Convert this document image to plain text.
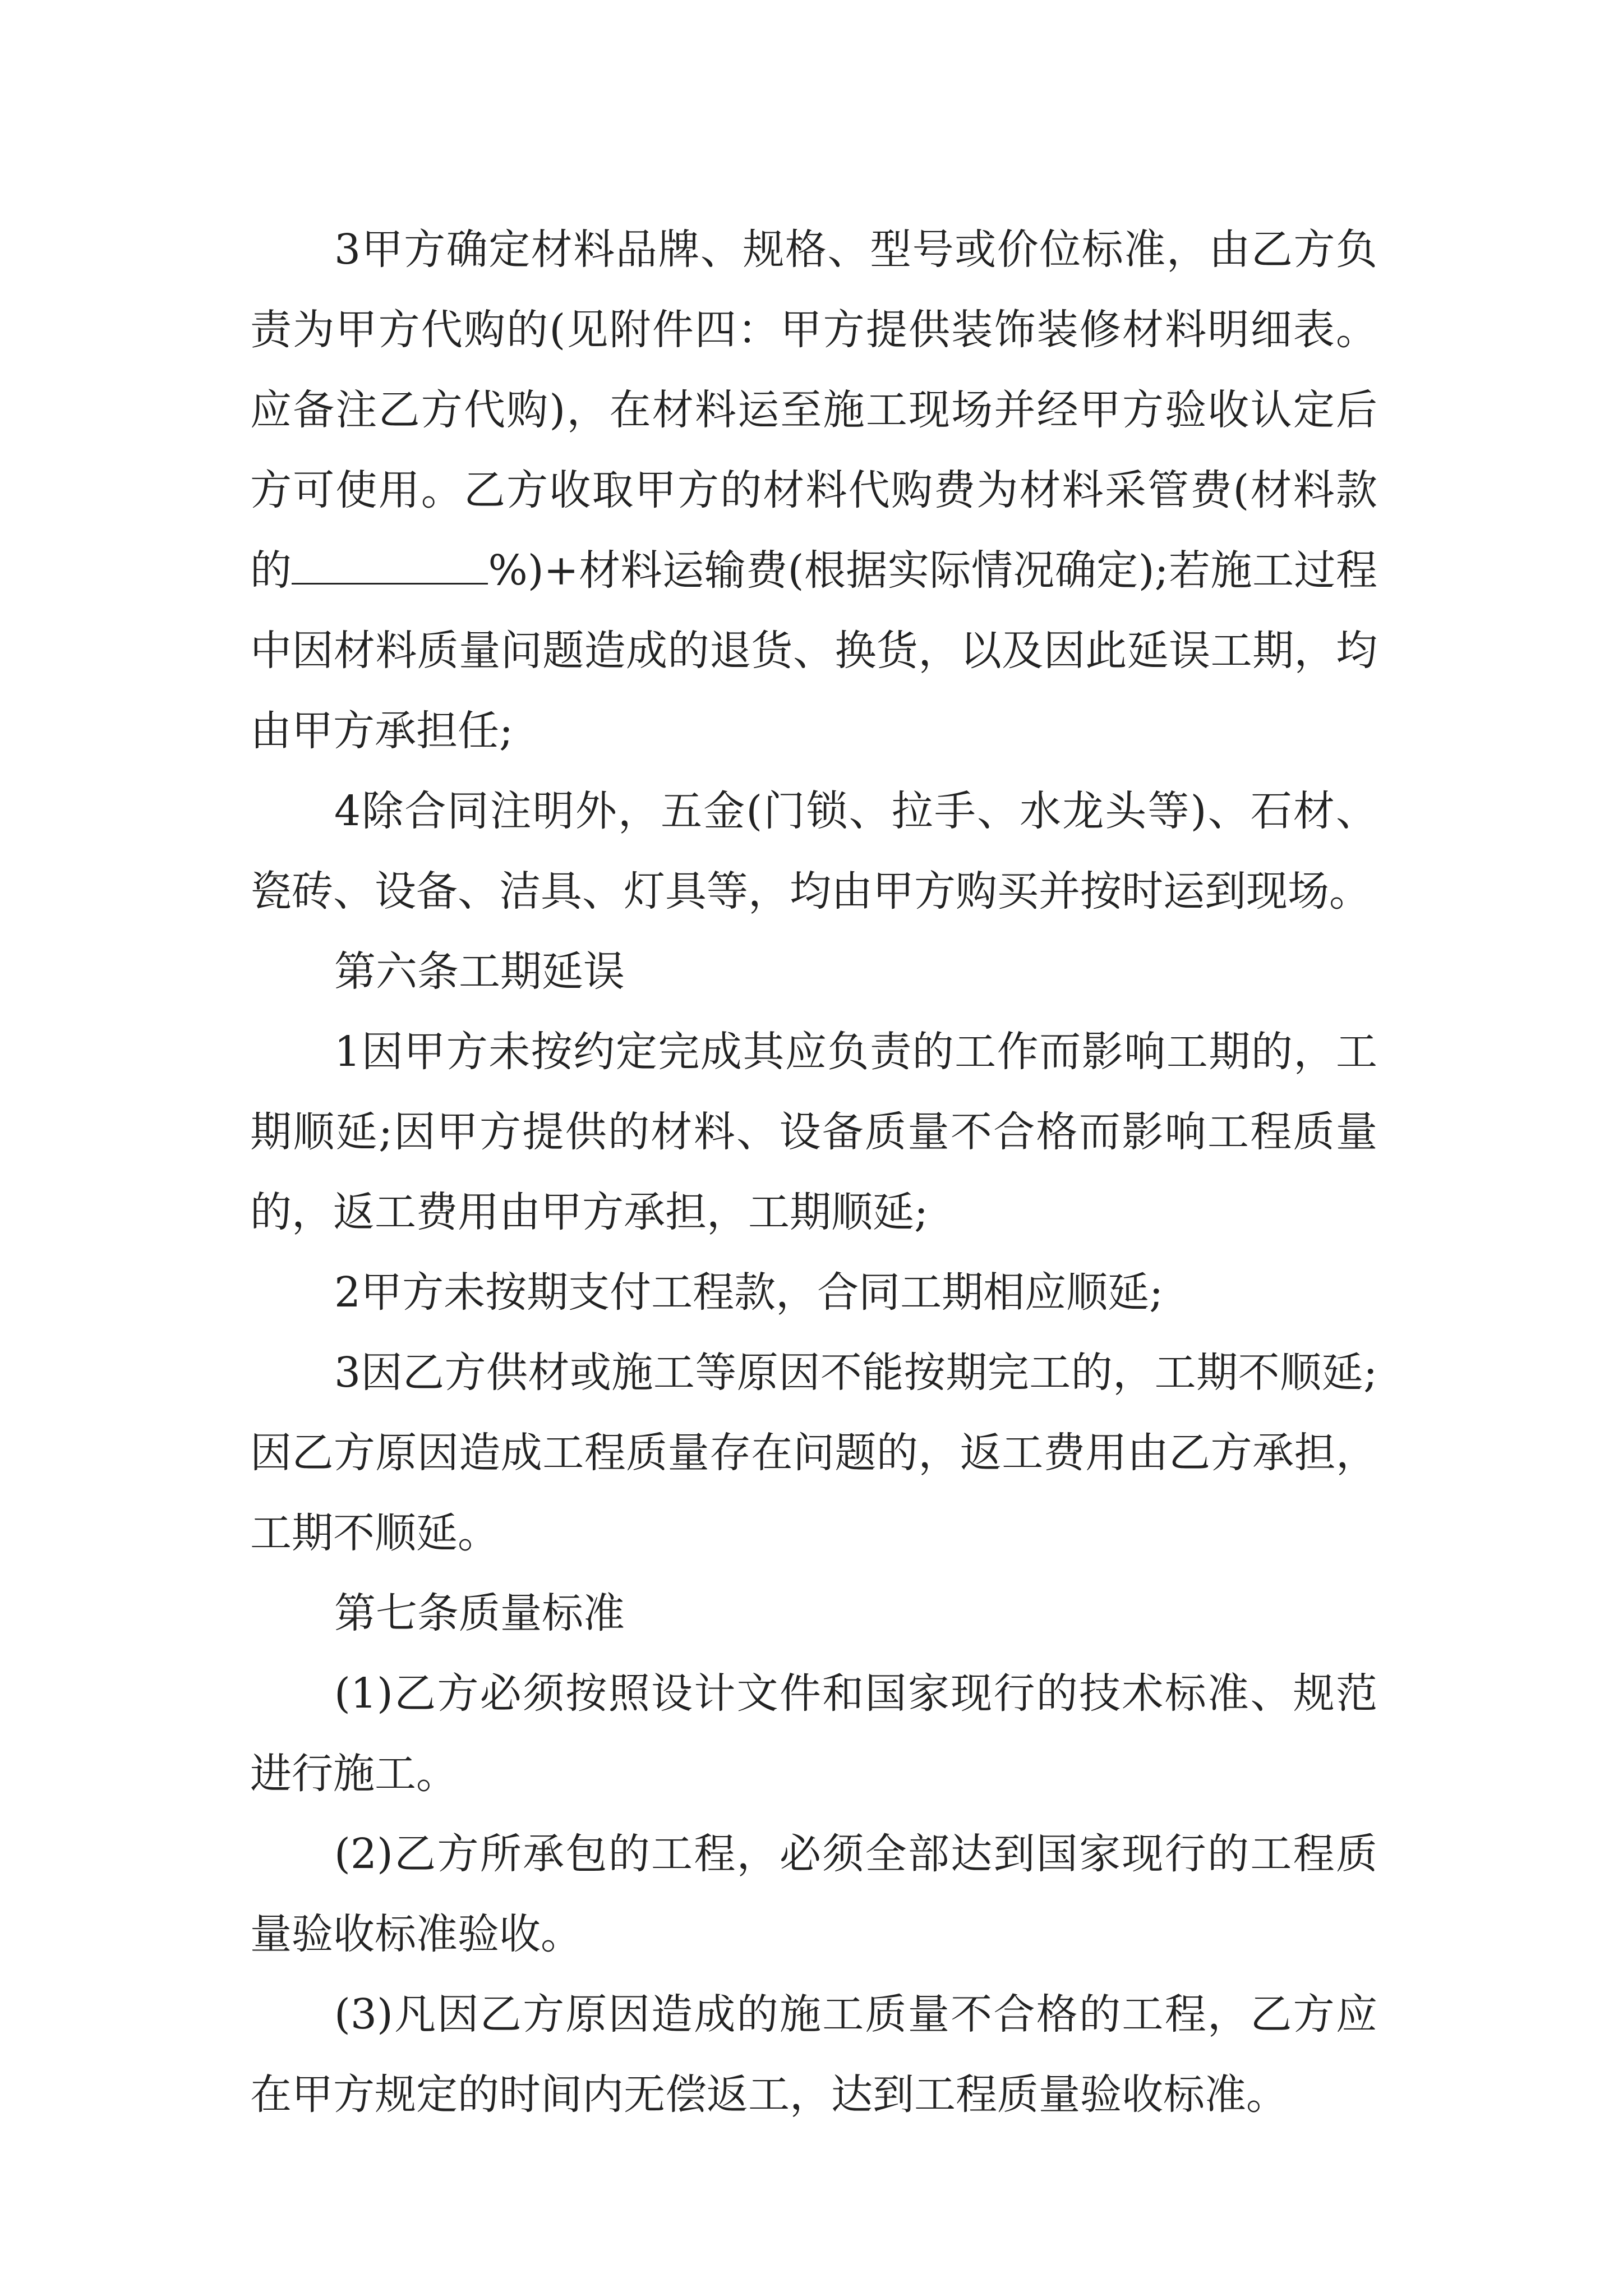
3甲方确定材料品牌、规格、型号或价位标准，由乙方负责为甲方代购的(见附件四：甲方提供装饰装修材料明细表。应备注乙方代购)，在材料运至施工现场并经甲方验收认定后方可使用。乙方收取甲方的材料代购费为材料采管费(材料款的	%)+材料运输费(根据实际情况确定);若施工过程中因材料质量问题造成的退货、换货，以及因此延误工期，均由甲方承担任;

4除合同注明外，五金(门锁、拉手、水龙头等)、石材、瓷砖、设备、洁具、灯具等，均由甲方购买并按时运到现场。

第六条工期延误

1因甲方未按约定完成其应负责的工作而影响工期的，工期顺延;因甲方提供的材料、设备质量不合格而影响工程质量的，返工费用由甲方承担，工期顺延;

2甲方未按期支付工程款，合同工期相应顺延;

3因乙方供材或施工等原因不能按期完工的，工期不顺延;因乙方原因造成工程质量存在问题的，返工费用由乙方承担，工期不顺延。

第七条质量标准

(1)乙方必须按照设计文件和国家现行的技术标准、规范进行施工。

(2)乙方所承包的工程，必须全部达到国家现行的工程质量验收标准验收。

(3)凡因乙方原因造成的施工质量不合格的工程，乙方应在甲方规定的时间内无偿返工，达到工程质量验收标准。
